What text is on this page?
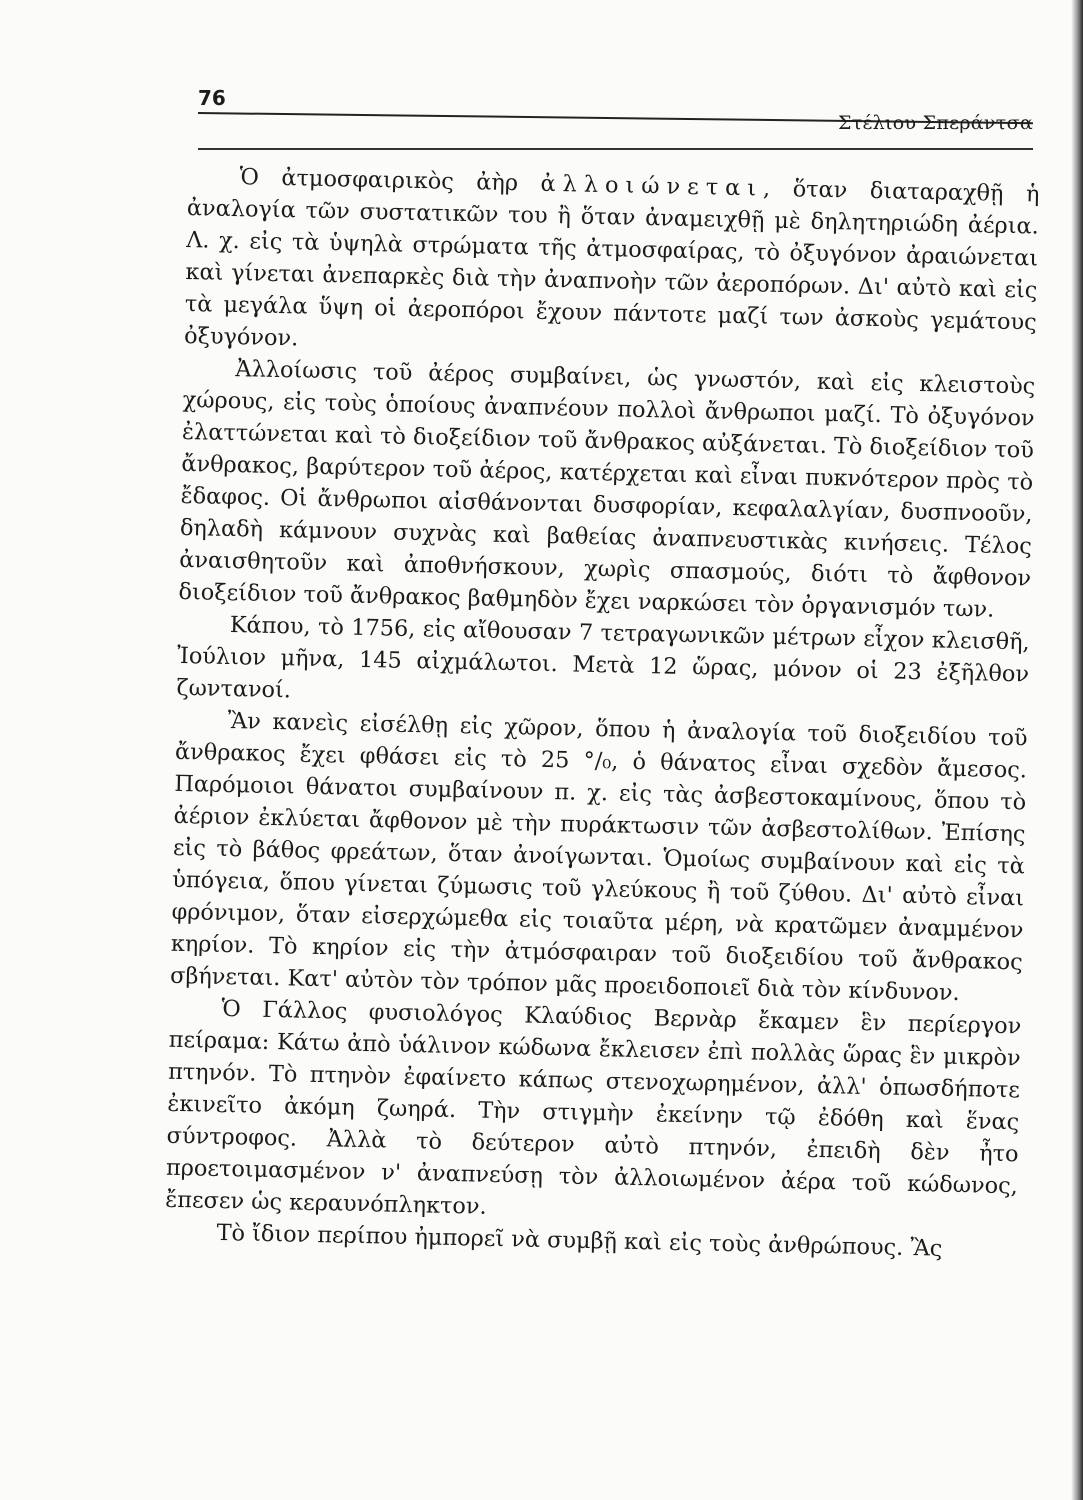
76
Στέλιου Σπεράντσα

Ὁ ἀτμοσφαιρικὸς ἀὴρ ἀλλοιώνεται, ὅταν διαταραχθῇ ἡ ἀναλογία τῶν συστατικῶν του ἢ ὅταν ἀναμειχθῇ μὲ δηλητηριώδη ἀέρια. Λ. χ. εἰς τὰ ὑψηλὰ στρώματα τῆς ἀτμοσφαίρας, τὸ ὀξυγόνον ἀραιώνεται καὶ γίνεται ἀνεπαρκὲς διὰ τὴν ἀναπνοὴν τῶν ἀεροπόρων. Δι' αὐτὸ καὶ εἰς τὰ μεγάλα ὕψη οἱ ἀεροπόροι ἔχουν πάντοτε μαζί των ἀσκοὺς γεμάτους ὀξυγόνον.

Ἀλλοίωσις τοῦ ἀέρος συμβαίνει, ὡς γνωστόν, καὶ εἰς κλειστοὺς χώρους, εἰς τοὺς ὁποίους ἀναπνέουν πολλοὶ ἄνθρωποι μαζί. Τὸ ὀξυγόνον ἐλαττώνεται καὶ τὸ διοξείδιον τοῦ ἄνθρακος αὐξάνεται. Τὸ διοξείδιον τοῦ ἄνθρακος, βαρύτερον τοῦ ἀέρος, κατέρχεται καὶ εἶναι πυκνότερον πρὸς τὸ ἔδαφος. Οἱ ἄνθρωποι αἰσθάνονται δυσφορίαν, κεφαλαλγίαν, δυσπνοοῦν, δηλαδὴ κάμνουν συχνὰς καὶ βαθείας ἀναπνευστικὰς κινήσεις. Τέλος ἀναισθητοῦν καὶ ἀποθνήσκουν, χωρὶς σπασμούς, διότι τὸ ἄφθονον διοξείδιον τοῦ ἄνθρακος βαθμηδὸν ἔχει ναρκώσει τὸν ὀργανισμόν των.

Κάπου, τὸ 1756, εἰς αἴθουσαν 7 τετραγωνικῶν μέτρων εἶχον κλεισθῆ, Ἰούλιον μῆνα, 145 αἰχμάλωτοι. Μετὰ 12 ὥρας, μόνον οἱ 23 ἐξῆλθον ζωντανοί.

Ἂν κανεὶς εἰσέλθῃ εἰς χῶρον, ὅπου ἡ ἀναλογία τοῦ διοξειδίου τοῦ ἄνθρακος ἔχει φθάσει εἰς τὸ 25 °/₀, ὁ θάνατος εἶναι σχεδὸν ἄμεσος. Παρόμοιοι θάνατοι συμβαίνουν π. χ. εἰς τὰς ἀσβεστοκαμίνους, ὅπου τὸ ἀέριον ἐκλύεται ἄφθονον μὲ τὴν πυράκτωσιν τῶν ἀσβεστολίθων. Ἐπίσης εἰς τὸ βάθος φρεάτων, ὅταν ἀνοίγωνται. Ὁμοίως συμβαίνουν καὶ εἰς τὰ ὑπόγεια, ὅπου γίνεται ζύμωσις τοῦ γλεύκους ἢ τοῦ ζύθου. Δι' αὐτὸ εἶναι φρόνιμον, ὅταν εἰσερχώμεθα εἰς τοιαῦτα μέρη, νὰ κρατῶμεν ἀναμμένον κηρίον. Τὸ κηρίον εἰς τὴν ἀτμόσφαιραν τοῦ διοξειδίου τοῦ ἄνθρακος σβήνεται. Κατ' αὐτὸν τὸν τρόπον μᾶς προειδοποιεῖ διὰ τὸν κίνδυνον.

Ὁ Γάλλος φυσιολόγος Κλαύδιος Βερνὰρ ἔκαμεν ἓν περίεργον πείραμα: Κάτω ἀπὸ ὑάλινον κώδωνα ἔκλεισεν ἐπὶ πολλὰς ὥρας ἓν μικρὸν πτηνόν. Τὸ πτηνὸν ἐφαίνετο κάπως στενοχωρημένον, ἀλλ' ὁπωσδήποτε ἐκινεῖτο ἀκόμη ζωηρά. Τὴν στιγμὴν ἐκείνην τῷ ἐδόθη καὶ ἕνας σύντροφος. Ἀλλὰ τὸ δεύτερον αὐτὸ πτηνόν, ἐπειδὴ δὲν ἦτο προετοιμασμένον ν' ἀναπνεύσῃ τὸν ἀλλοιωμένον ἀέρα τοῦ κώδωνος, ἔπεσεν ὡς κεραυνόπληκτον.

Τὸ ἴδιον περίπου ἠμπορεῖ νὰ συμβῇ καὶ εἰς τοὺς ἀνθρώπους. Ἂς
